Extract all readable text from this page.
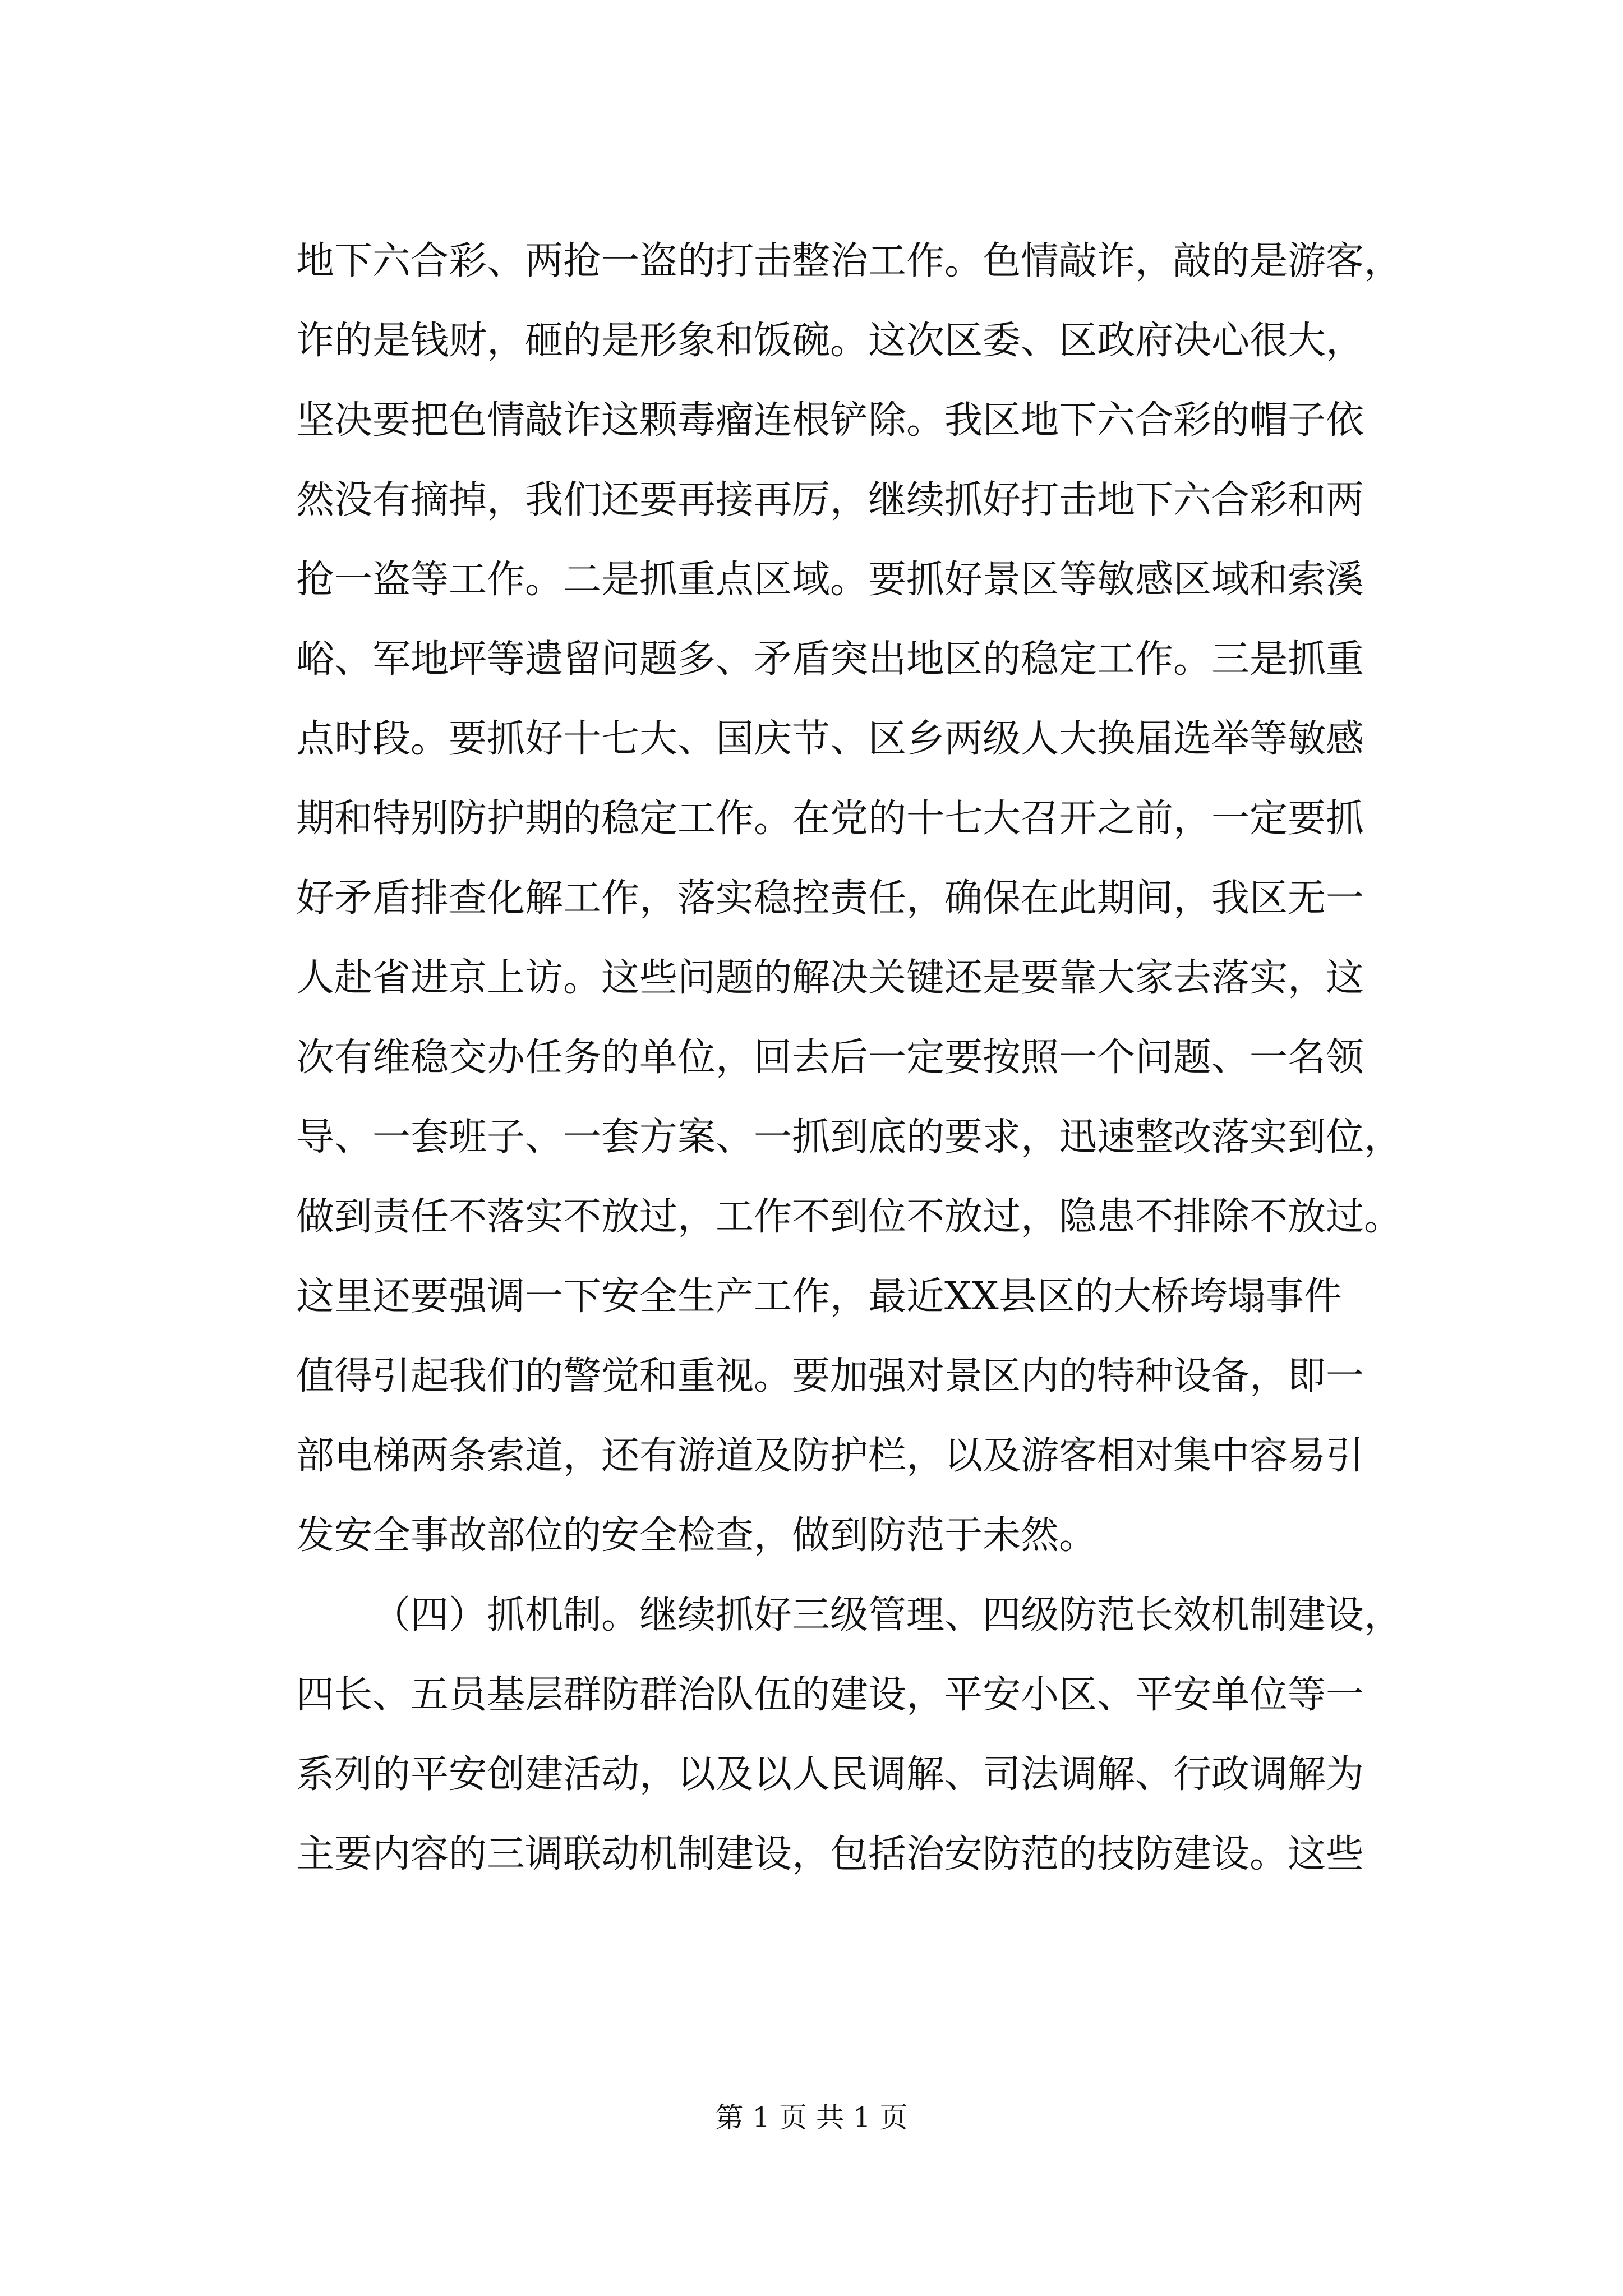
地下六合彩、两抢一盗的打击整治工作。色情敲诈，敲的是游客，
诈的是钱财，砸的是形象和饭碗。这次区委、区政府决心很大，
坚决要把色情敲诈这颗毒瘤连根铲除。我区地下六合彩的帽子依
然没有摘掉，我们还要再接再厉，继续抓好打击地下六合彩和两
抢一盗等工作。二是抓重点区域。要抓好景区等敏感区域和索溪
峪、军地坪等遗留问题多、矛盾突出地区的稳定工作。三是抓重
点时段。要抓好十七大、国庆节、区乡两级人大换届选举等敏感
期和特别防护期的稳定工作。在党的十七大召开之前，一定要抓
好矛盾排查化解工作，落实稳控责任，确保在此期间，我区无一
人赴省进京上访。这些问题的解决关键还是要靠大家去落实，这
次有维稳交办任务的单位，回去后一定要按照一个问题、一名领
导、一套班子、一套方案、一抓到底的要求，迅速整改落实到位，
做到责任不落实不放过，工作不到位不放过，隐患不排除不放过。
这里还要强调一下安全生产工作，最近XX县区的大桥垮塌事件
值得引起我们的警觉和重视。要加强对景区内的特种设备，即一
部电梯两条索道，还有游道及防护栏，以及游客相对集中容易引
发安全事故部位的安全检查，做到防范于未然。
（四）抓机制。继续抓好三级管理、四级防范长效机制建设，
四长、五员基层群防群治队伍的建设，平安小区、平安单位等一
系列的平安创建活动，以及以人民调解、司法调解、行政调解为
主要内容的三调联动机制建设，包括治安防范的技防建设。这些
第 1 页 共 1 页
